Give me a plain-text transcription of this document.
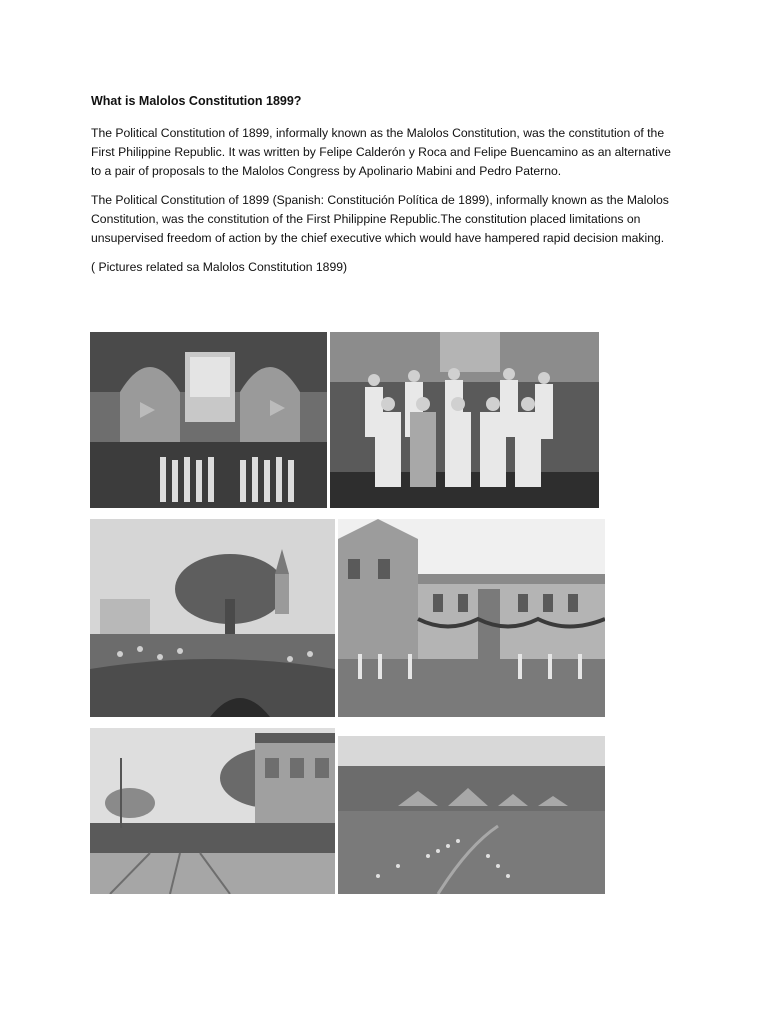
What is Malolos Constitution 1899?

The Political Constitution of 1899, informally known as the Malolos Constitution, was the constitution of the First Philippine Republic. It was written by Felipe Calderón y Roca and Felipe Buencamino as an alternative to a pair of proposals to the Malolos Congress by Apolinario Mabini and Pedro Paterno.

The Political Constitution of 1899 (Spanish: Constitución Política de 1899), informally known as the Malolos Constitution, was the constitution of the First Philippine Republic.The constitution placed limitations on unsupervised freedom of action by the chief executive which would have hampered rapid decision making.

( Pictures related sa Malolos Constitution 1899)
